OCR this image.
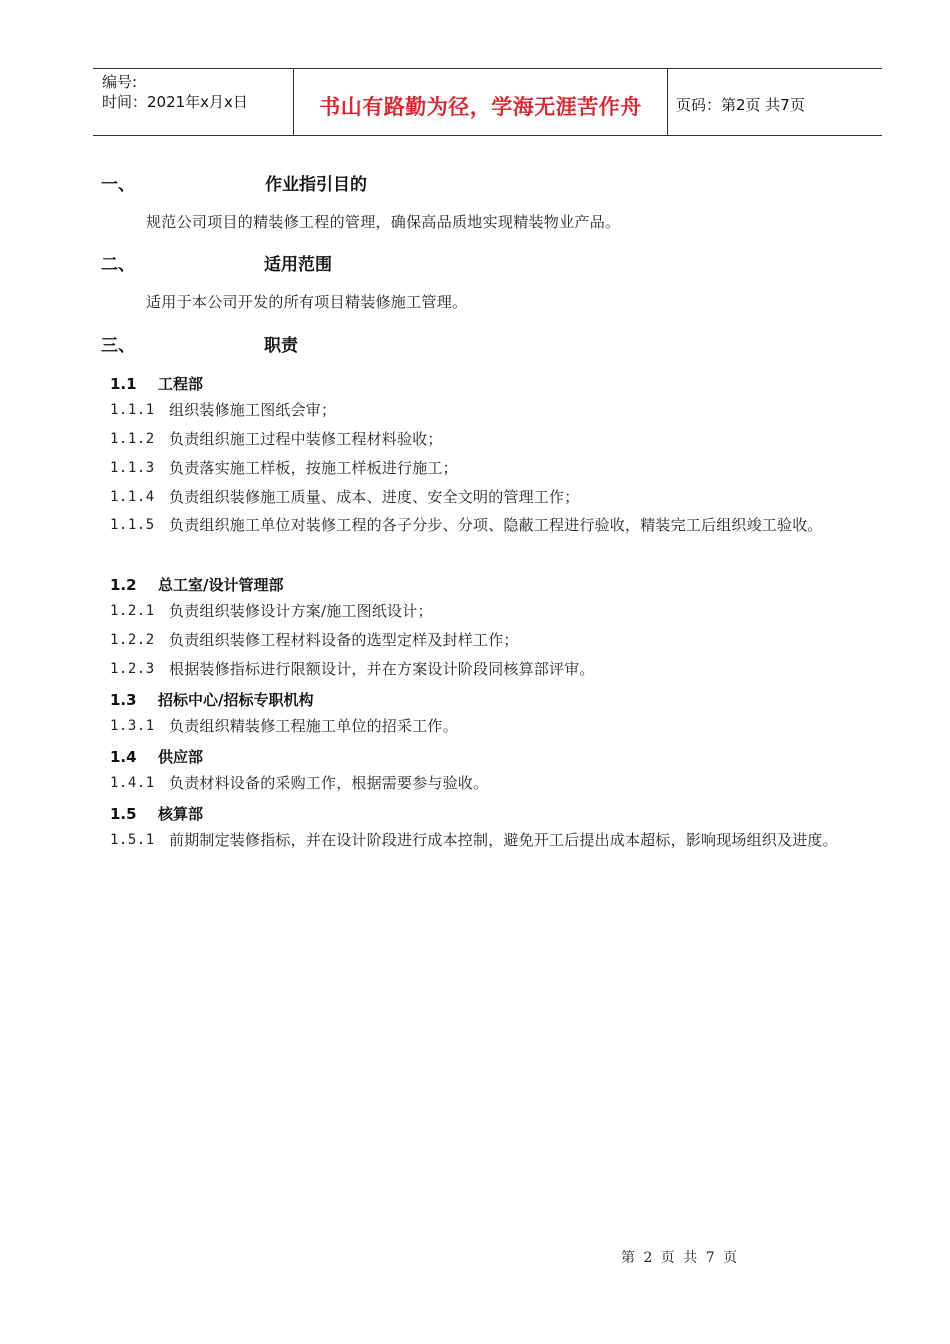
编号:
时间：2021年x月x日	书山有路勤为径，学海无涯苦作舟	页码：第2页 共7页
一、	作业指引目的
规范公司项目的精装修工程的管理，确保高品质地实现精装物业产品。
二、	适用范围
适用于本公司开发的所有项目精装修施工管理。
三、	职责
1.1 工程部
1.1.1 组织装修施工图纸会审；
1.1.2 负责组织施工过程中装修工程材料验收；
1.1.3 负责落实施工样板，按施工样板进行施工；
1.1.4 负责组织装修施工质量、成本、进度、安全文明的管理工作；
1.1.5 负责组织施工单位对装修工程的各子分步、分项、隐蔽工程进行验收，精装完工后组织竣工验收。
1.2 总工室/设计管理部
1.2.1 负责组织装修设计方案/施工图纸设计；
1.2.2 负责组织装修工程材料设备的选型定样及封样工作；
1.2.3 根据装修指标进行限额设计，并在方案设计阶段同核算部评审。
1.3 招标中心/招标专职机构
1.3.1 负责组织精装修工程施工单位的招采工作。
1.4 供应部
1.4.1 负责材料设备的采购工作，根据需要参与验收。
1.5 核算部
1.5.1 前期制定装修指标，并在设计阶段进行成本控制，避免开工后提出成本超标，影响现场组织及进度。
第 2 页 共 7 页
